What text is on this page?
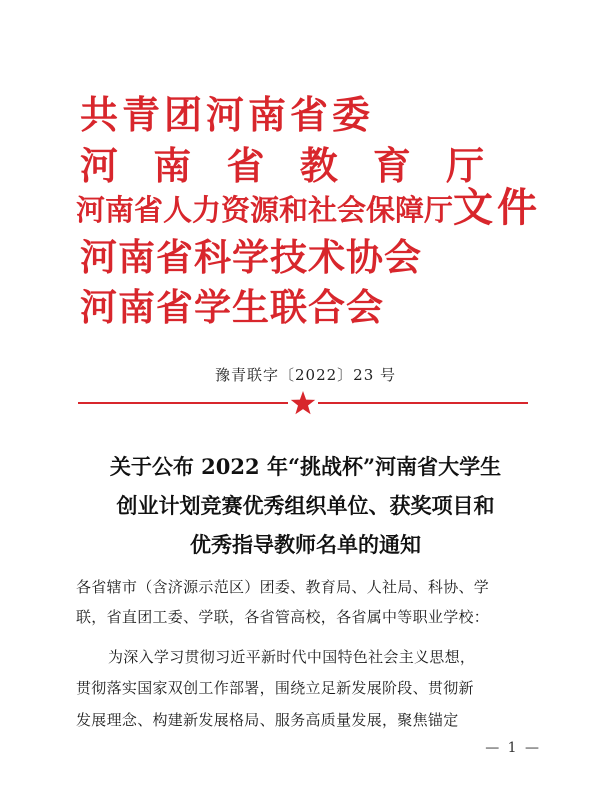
共青团河南省委
河 南 省 教 育 厅
河南省人力资源和社会保障厅
河南省科学技术协会
河南省学生联合会
文件
豫青联字〔2022〕23 号
关于公布 2022 年“挑战杯”河南省大学生
创业计划竞赛优秀组织单位、获奖项目和
优秀指导教师名单的通知
各省辖市（含济源示范区）团委、教育局、人社局、科协、学
联，省直团工委、学联，各省管高校，各省属中等职业学校：
为深入学习贯彻习近平新时代中国特色社会主义思想，
贯彻落实国家双创工作部署，围绕立足新发展阶段、贯彻新
发展理念、构建新发展格局、服务高质量发展，聚焦锚定
— 1 —
